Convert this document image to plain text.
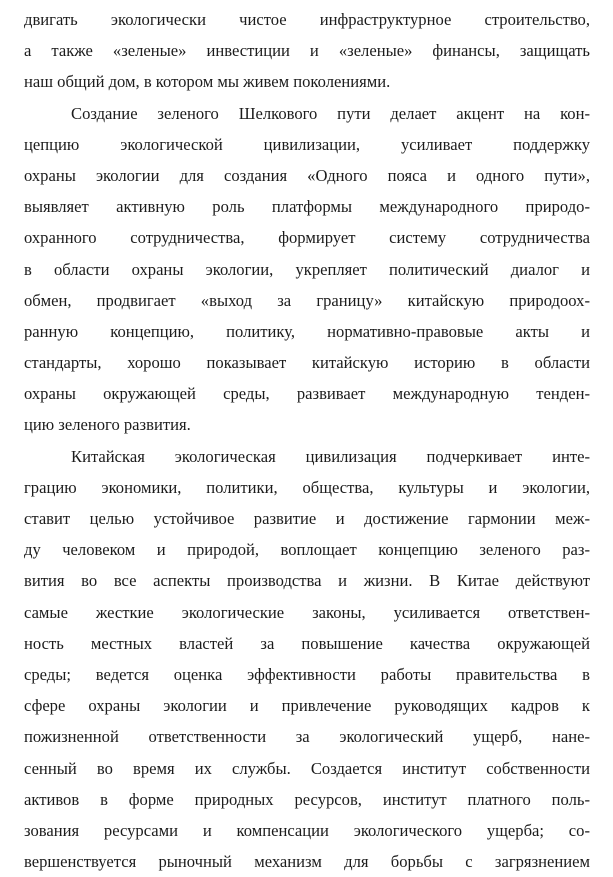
двигать экологически чистое инфраструктурное строительство,
а также «зеленые» инвестиции и «зеленые» финансы, защищать
наш общий дом, в котором мы живем поколениями.
Создание зеленого Шелкового пути делает акцент на кон-
цепцию экологической цивилизации, усиливает поддержку
охраны экологии для создания «Одного пояса и одного пути»,
выявляет активную роль платформы международного природо-
охранного сотрудничества, формирует систему сотрудничества
в области охраны экологии, укрепляет политический диалог и
обмен, продвигает «выход за границу» китайскую природоох-
ранную концепцию, политику, нормативно-правовые акты и
стандарты, хорошо показывает китайскую историю в области
охраны окружающей среды, развивает международную тенден-
цию зеленого развития.
Китайская экологическая цивилизация подчеркивает инте-
грацию экономики, политики, общества, культуры и экологии,
ставит целью устойчивое развитие и достижение гармонии меж-
ду человеком и природой, воплощает концепцию зеленого раз-
вития во все аспекты производства и жизни. В Китае действуют
самые жесткие экологические законы, усиливается ответствен-
ность местных властей за повышение качества окружающей
среды; ведется оценка эффективности работы правительства в
сфере охраны экологии и привлечение руководящих кадров к
пожизненной ответственности за экологический ущерб, нане-
сенный во время их службы. Создается институт собственности
активов в форме природных ресурсов, институт платного поль-
зования ресурсами и компенсации экологического ущерба; со-
вершенствуется рыночный механизм для борьбы с загрязнением
